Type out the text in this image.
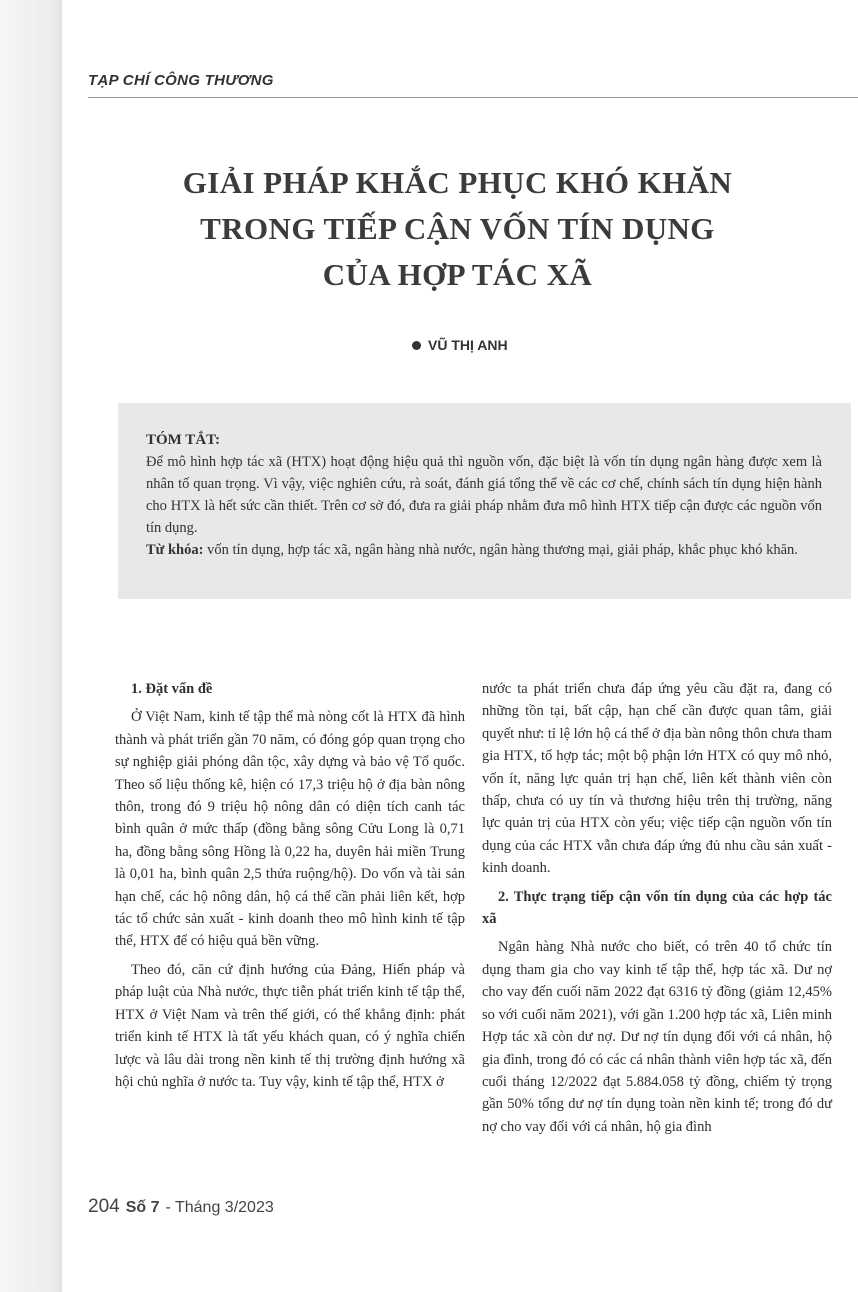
TẠP CHÍ CÔNG THƯƠNG
GIẢI PHÁP KHẮC PHỤC KHÓ KHĂN
TRONG TIẾP CẬN VỐN TÍN DỤNG
CỦA HỢP TÁC XÃ
VŨ THỊ ANH
TÓM TẮT:

Để mô hình hợp tác xã (HTX) hoạt động hiệu quả thì nguồn vốn, đặc biệt là vốn tín dụng ngân hàng được xem là nhân tố quan trọng. Vì vậy, việc nghiên cứu, rà soát, đánh giá tổng thể về các cơ chế, chính sách tín dụng hiện hành cho HTX là hết sức cần thiết. Trên cơ sở đó, đưa ra giải pháp nhằm đưa mô hình HTX tiếp cận được các nguồn vốn tín dụng.

Từ khóa: vốn tín dụng, hợp tác xã, ngân hàng nhà nước, ngân hàng thương mại, giải pháp, khắc phục khó khăn.

1. Đặt vấn đề

Ở Việt Nam, kinh tế tập thể mà nòng cốt là HTX đã hình thành và phát triển gần 70 năm, có đóng góp quan trọng cho sự nghiệp giải phóng dân tộc, xây dựng và bảo vệ Tổ quốc. Theo số liệu thống kê, hiện có 17,3 triệu hộ ở địa bàn nông thôn, trong đó 9 triệu hộ nông dân có diện tích canh tác bình quân ở mức thấp (đồng bằng sông Cửu Long là 0,71 ha, đồng bằng sông Hồng là 0,22 ha, duyên hải miền Trung là 0,01 ha, bình quân 2,5 thửa ruộng/hộ). Do vốn và tài sản hạn chế, các hộ nông dân, hộ cá thể cần phải liên kết, hợp tác tổ chức sản xuất - kinh doanh theo mô hình kinh tế tập thể, HTX để có hiệu quả bền vững.

Theo đó, căn cứ định hướng của Đảng, Hiến pháp và pháp luật của Nhà nước, thực tiễn phát triển kinh tế tập thể, HTX ở Việt Nam và trên thế giới, có thể khẳng định: phát triển kinh tế HTX là tất yếu khách quan, có ý nghĩa chiến lược và lâu dài trong nền kinh tế thị trường định hướng xã hội chủ nghĩa ở nước ta. Tuy vậy, kinh tế tập thể, HTX ở

nước ta phát triển chưa đáp ứng yêu cầu đặt ra, đang có những tồn tại, bất cập, hạn chế cần được quan tâm, giải quyết như: tỉ lệ lớn hộ cá thể ở địa bàn nông thôn chưa tham gia HTX, tổ hợp tác; một bộ phận lớn HTX có quy mô nhỏ, vốn ít, năng lực quản trị hạn chế, liên kết thành viên còn thấp, chưa có uy tín và thương hiệu trên thị trường, năng lực quản trị của HTX còn yếu; việc tiếp cận nguồn vốn tín dụng của các HTX vẫn chưa đáp ứng đủ nhu cầu sản xuất - kinh doanh.

2. Thực trạng tiếp cận vốn tín dụng của các hợp tác xã

Ngân hàng Nhà nước cho biết, có trên 40 tổ chức tín dụng tham gia cho vay kinh tế tập thể, hợp tác xã. Dư nợ cho vay đến cuối năm 2022 đạt 6316 tỷ đồng (giảm 12,45% so với cuối năm 2021), với gần 1.200 hợp tác xã, Liên minh Hợp tác xã còn dư nợ. Dư nợ tín dụng đối với cá nhân, hộ gia đình, trong đó có các cá nhân thành viên hợp tác xã, đến cuối tháng 12/2022 đạt 5.884.058 tỷ đồng, chiếm tỷ trọng gần 50% tổng dư nợ tín dụng toàn nền kinh tế; trong đó dư nợ cho vay đối với cá nhân, hộ gia đình

204 Số 7 - Tháng 3/2023
